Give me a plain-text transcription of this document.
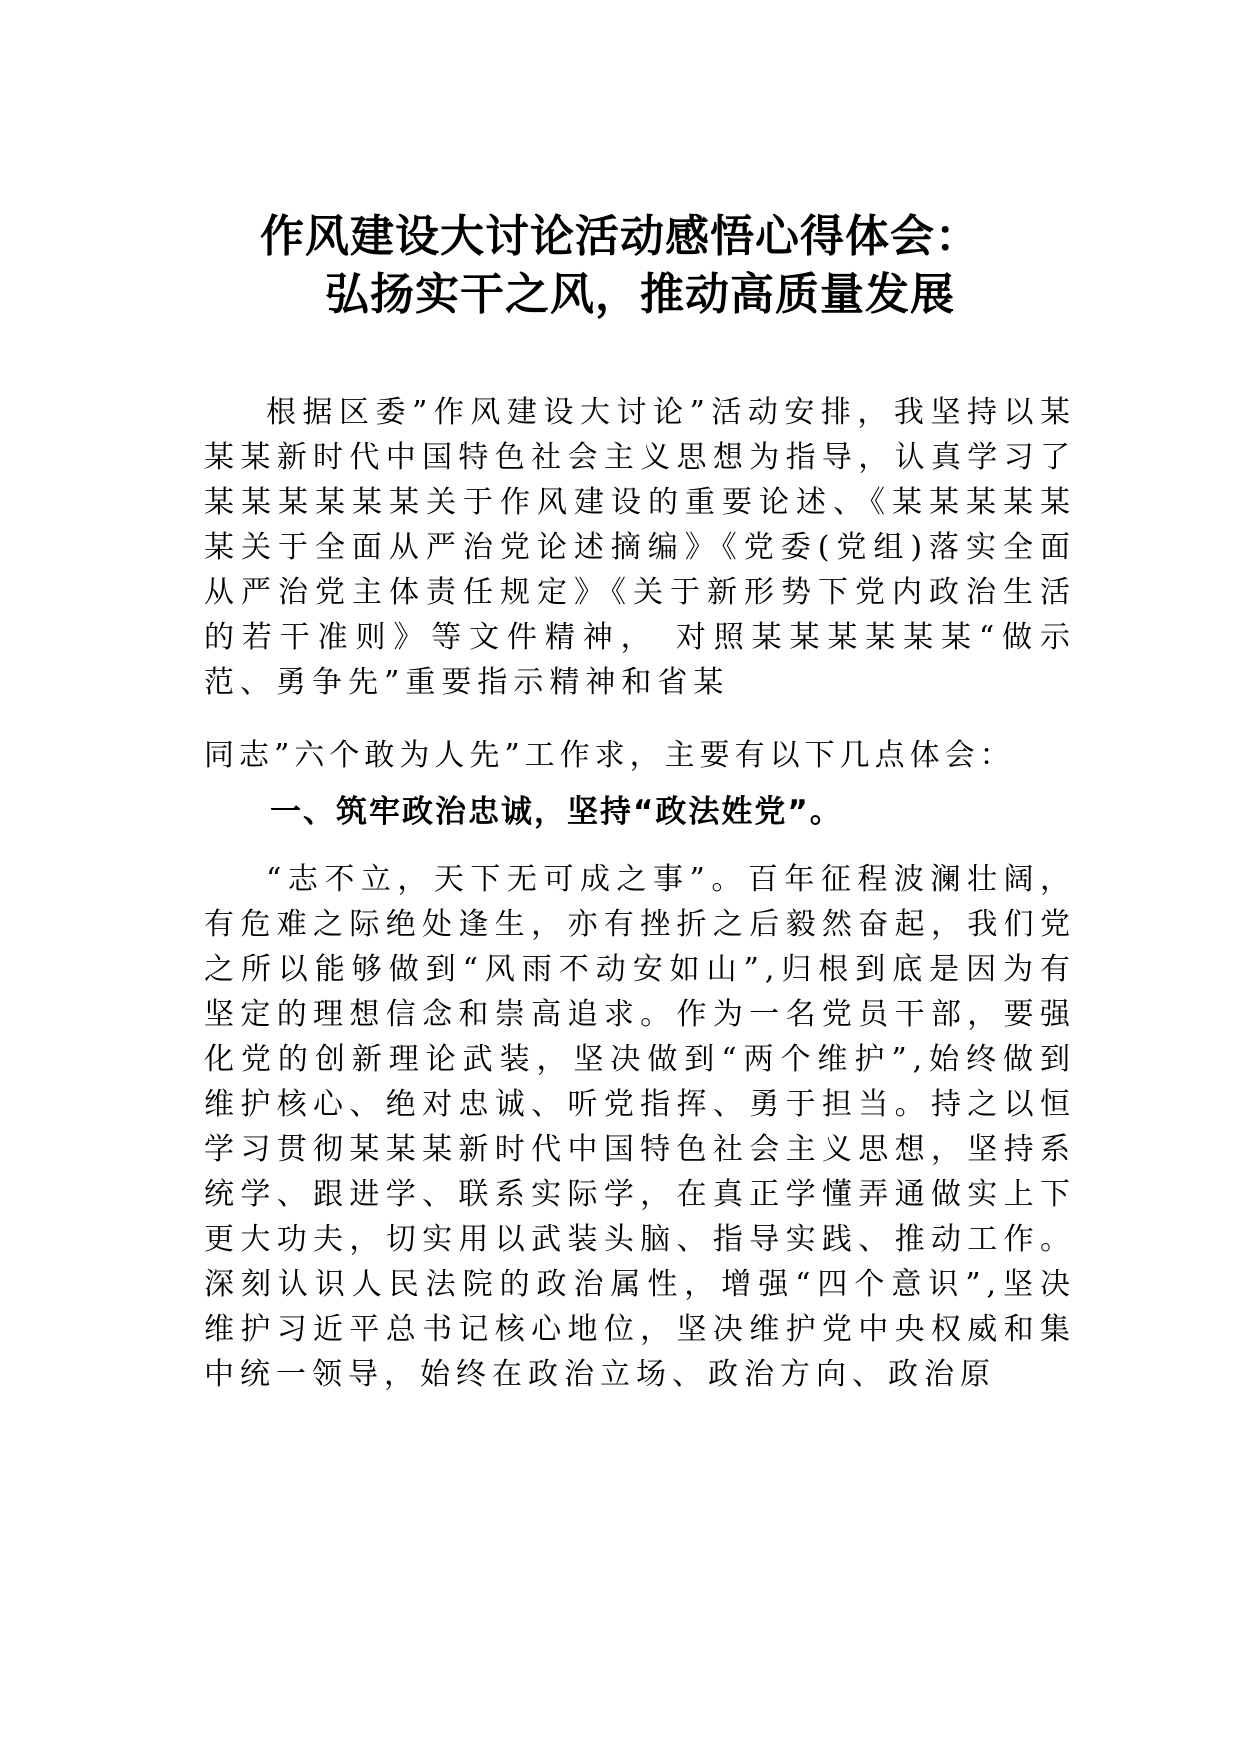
作风建设大讨论活动感悟心得体会：
弘扬实干之风，推动高质量发展

根据区委”作风建设大讨论”活动安排，我坚持以某某某新时代中国特色社会主义思想为指导，认真学习了某某某某某某关于作风建设的重要论述、《某某某某某某关于全面从严治党论述摘编》《党委(党组)落实全面从严治党主体责任规定》《关于新形势下党内政治生活的若干准则》等文件精神， 对照某某某某某某“做示范、勇争先”重要指示精神和省某

同志”六个敢为人先”工作求，主要有以下几点体会：

一、筑牢政治忠诚，坚持“政法姓党”。

“志不立，天下无可成之事”。百年征程波澜壮阔，有危难之际绝处逢生，亦有挫折之后毅然奋起，我们党之所以能够做到“风雨不动安如山”,归根到底是因为有坚定的理想信念和崇高追求。作为一名党员干部，要强化党的创新理论武装，坚决做到“两个维护”,始终做到维护核心、绝对忠诚、听党指挥、勇于担当。持之以恒学习贯彻某某某新时代中国特色社会主义思想，坚持系统学、跟进学、联系实际学，在真正学懂弄通做实上下更大功夫，切实用以武装头脑、指导实践、推动工作。深刻认识人民法院的政治属性，增强“四个意识”,坚决维护习近平总书记核心地位，坚决维护党中央权威和集中统一领导，始终在政治立场、政治方向、政治原
